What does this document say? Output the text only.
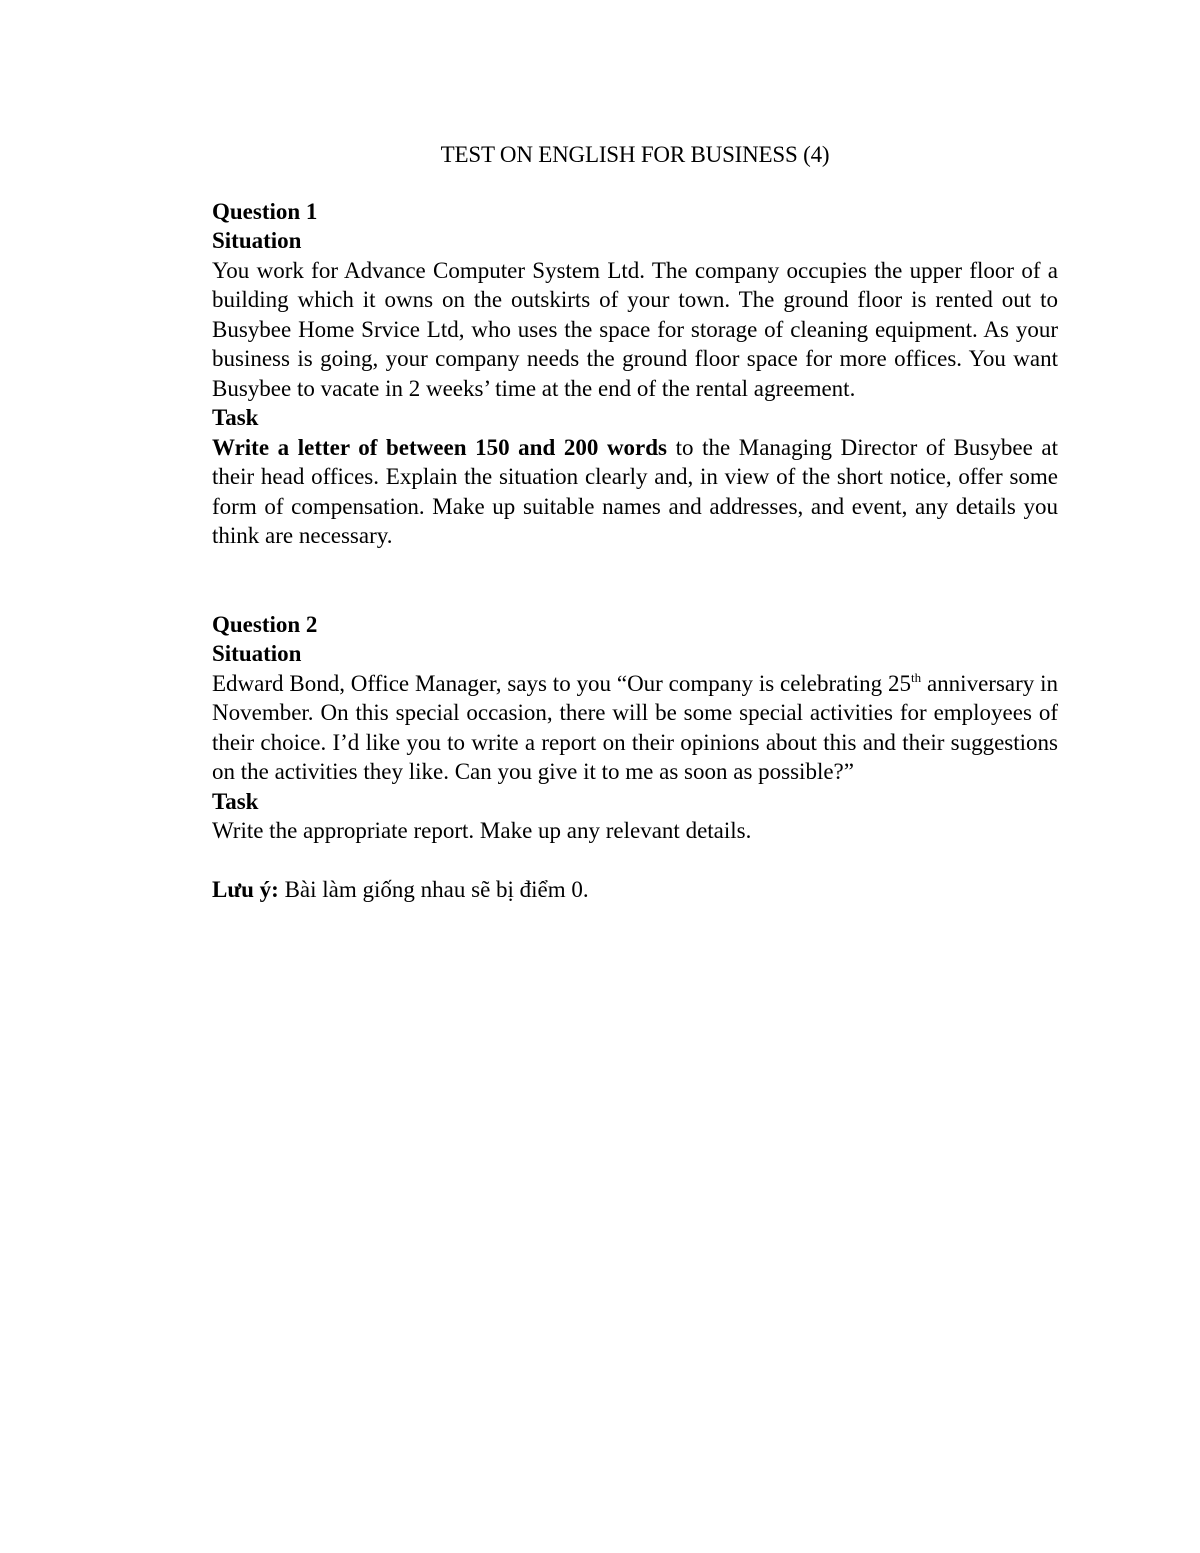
TEST ON ENGLISH FOR BUSINESS (4)

Question 1

Situation

You work for Advance Computer System Ltd. The company occupies the upper floor of a building which it owns on the outskirts of your town. The ground floor is rented out to Busybee Home Srvice Ltd, who uses the space for storage of cleaning equipment. As your business is going, your company needs the ground floor space for more offices. You want Busybee to vacate in 2 weeks’ time at the end of the rental agreement.

Task

Write a letter of between 150 and 200 words to the Managing Director of Busybee at their head offices. Explain the situation clearly and, in view of the short notice, offer some form of compensation. Make up suitable names and addresses, and event, any details you think are necessary.

Question 2

Situation

Edward Bond, Office Manager, says to you “Our company is celebrating 25th anniversary in November. On this special occasion, there will be some special activities for employees of their choice. I’d like you to write a report on their opinions about this and their suggestions on the activities they like. Can you give it to me as soon as possible?”

Task

Write the appropriate report. Make up any relevant details.

Lưu ý: Bài làm giống nhau sẽ bị điểm 0.
